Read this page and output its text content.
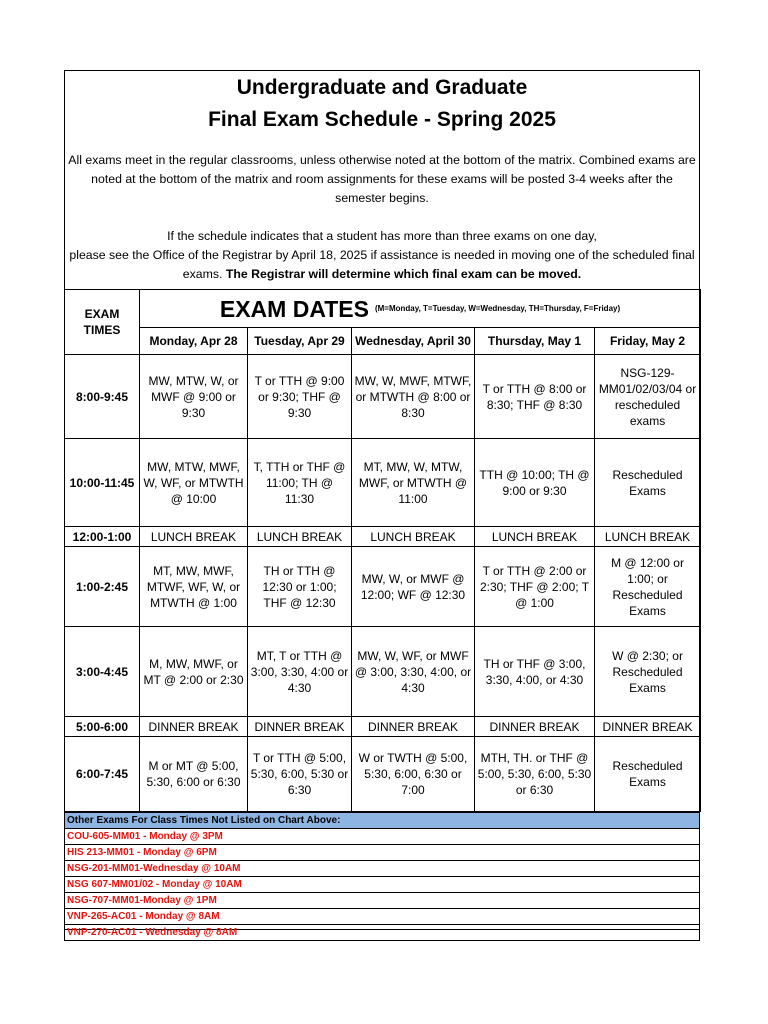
Undergraduate and Graduate
Final Exam Schedule - Spring 2025
All exams meet in the regular classrooms, unless otherwise noted at the bottom of the matrix. Combined exams are noted at the bottom of the matrix and room assignments for these exams will be posted 3-4 weeks after the semester begins.
If the schedule indicates that a student has more than three exams on one day,
please see the Office of the Registrar by April 18, 2025 if assistance is needed in moving one of the scheduled final exams. The Registrar will determine which final exam can be moved.
EXAM TIMES	EXAM DATES (M=Monday, T=Tuesday, W=Wednesday, TH=Thursday, F=Friday)				
	Monday, Apr 28	Tuesday, Apr 29	Wednesday, April 30	Thursday, May 1	Friday, May 2
8:00-9:45	MW, MTW, W, or MWF @ 9:00 or 9:30	T or TTH @ 9:00 or 9:30; THF @ 9:30	MW, W, MWF, MTWF, or MTWTH @ 8:00 or 8:30	T or TTH @ 8:00 or 8:30; THF @ 8:30	NSG-129-MM01/02/03/04 or rescheduled exams
10:00-11:45	MW, MTW, MWF, W, WF, or MTWTH @ 10:00	T, TTH or THF @ 11:00; TH @ 11:30	MT, MW, W, MTW, MWF, or MTWTH @ 11:00	TTH @ 10:00; TH @ 9:00 or 9:30	Rescheduled Exams
12:00-1:00	LUNCH BREAK	LUNCH BREAK	LUNCH BREAK	LUNCH BREAK	LUNCH BREAK
1:00-2:45	MT, MW, MWF, MTWF, WF, W, or MTWTH @ 1:00	TH or TTH @ 12:30 or 1:00; THF @ 12:30	MW, W, or MWF @ 12:00; WF @ 12:30	T or TTH @ 2:00 or 2:30; THF @ 2:00; T @ 1:00	M @ 12:00 or 1:00; or Rescheduled Exams
3:00-4:45	M, MW, MWF, or MT @ 2:00 or 2:30	MT, T or TTH @ 3:00, 3:30, 4:00 or 4:30	MW, W, WF, or MWF @ 3:00, 3:30, 4:00, or 4:30	TH or THF @ 3:00, 3:30, 4:00, or 4:30	W @ 2:30; or Rescheduled Exams
5:00-6:00	DINNER BREAK	DINNER BREAK	DINNER BREAK	DINNER BREAK	DINNER BREAK
6:00-7:45	M or MT @ 5:00, 5:30, 6:00 or 6:30	T or TTH @ 5:00, 5:30, 6:00, 5:30 or 6:30	W or TWTH @ 5:00, 5:30, 6:00, 6:30 or 7:00	MTH, TH. or THF @ 5:00, 5:30, 6:00, 5:30 or 6:30	Rescheduled Exams
Other Exams For Class Times Not Listed on Chart Above:
COU-605-MM01 - Monday @ 3PM
HIS 213-MM01 - Monday @ 6PM
NSG-201-MM01-Wednesday @ 10AM
NSG 607-MM01/02 - Monday @ 10AM
NSG-707-MM01-Monday @ 1PM
VNP-265-AC01 - Monday @ 8AM
VNP-270-AC01 - Wednesday @ 8AM
